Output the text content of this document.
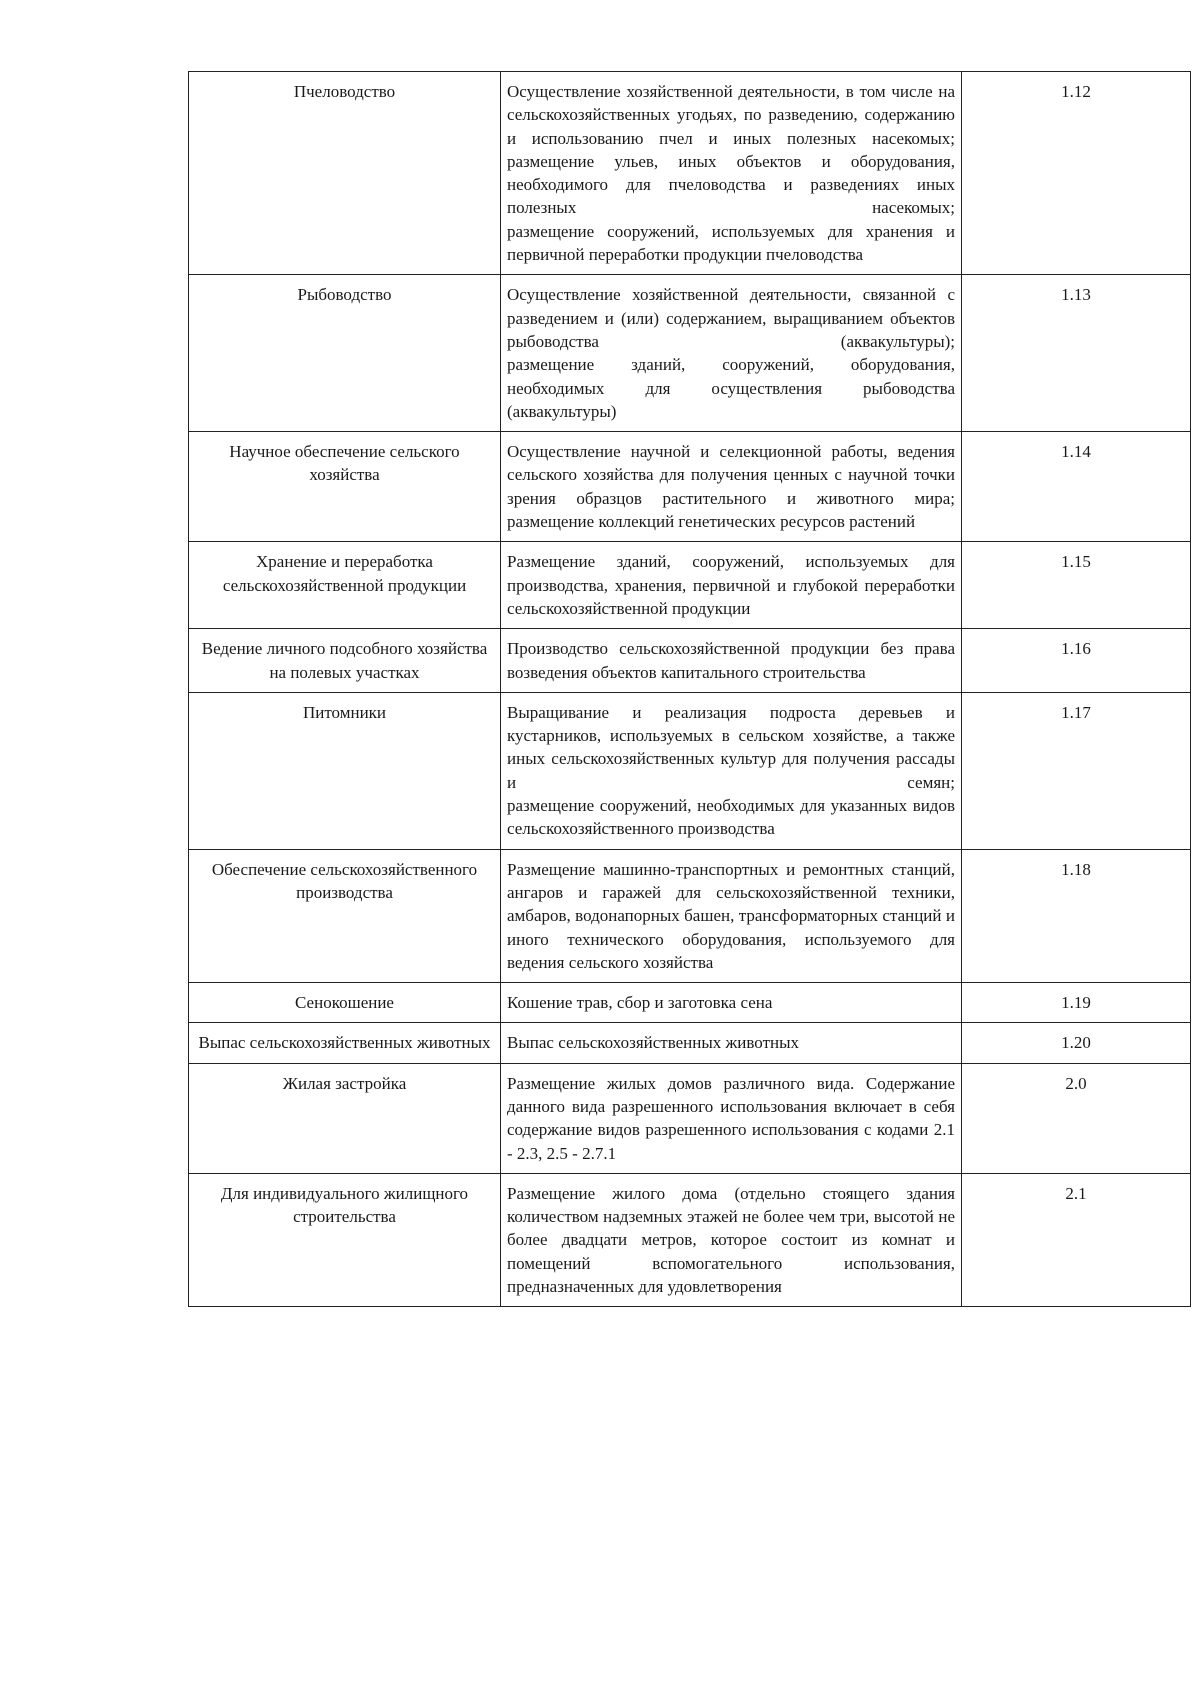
Пчеловодство	Осуществление хозяйственной деятельности, в том числе на сельскохозяйственных угодьях, по разведению, содержанию и использованию пчел и иных полезных насекомых;
размещение ульев, иных объектов и оборудования, необходимого для пчеловодства и разведениях иных полезных насекомых;
размещение сооружений, используемых для хранения и первичной переработки продукции пчеловодства	1.12
Рыбоводство	Осуществление хозяйственной деятельности, связанной с разведением и (или) содержанием, выращиванием объектов рыбоводства (аквакультуры);
размещение зданий, сооружений, оборудования, необходимых для осуществления рыбоводства (аквакультуры)	1.13
Научное обеспечение сельского хозяйства	Осуществление научной и селекционной работы, ведения сельского хозяйства для получения ценных с научной точки зрения образцов растительного и животного мира;
размещение коллекций генетических ресурсов растений	1.14
Хранение и переработка сельскохозяйственной продукции	Размещение зданий, сооружений, используемых для производства, хранения, первичной и глубокой переработки сельскохозяйственной продукции	1.15
Ведение личного подсобного хозяйства на полевых участках	Производство сельскохозяйственной продукции без права возведения объектов капитального строительства	1.16
Питомники	Выращивание и реализация подроста деревьев и кустарников, используемых в сельском хозяйстве, а также иных сельскохозяйственных культур для получения рассады и семян;
размещение сооружений, необходимых для указанных видов сельскохозяйственного производства	1.17
Обеспечение сельскохозяйственного производства	Размещение машинно-транспортных и ремонтных станций, ангаров и гаражей для сельскохозяйственной техники, амбаров, водонапорных башен, трансформаторных станций и иного технического оборудования, используемого для ведения сельского хозяйства	1.18
Сенокошение	Кошение трав, сбор и заготовка сена	1.19
Выпас сельскохозяйственных животных	Выпас сельскохозяйственных животных	1.20
Жилая застройка	Размещение жилых домов различного вида. Содержание данного вида разрешенного использования включает в себя содержание видов разрешенного использования с кодами 2.1 - 2.3, 2.5 - 2.7.1	2.0
Для индивидуального жилищного строительства	Размещение жилого дома (отдельно стоящего здания количеством надземных этажей не более чем три, высотой не более двадцати метров, которое состоит из комнат и помещений вспомогательного использования, предназначенных для удовлетворения	2.1
